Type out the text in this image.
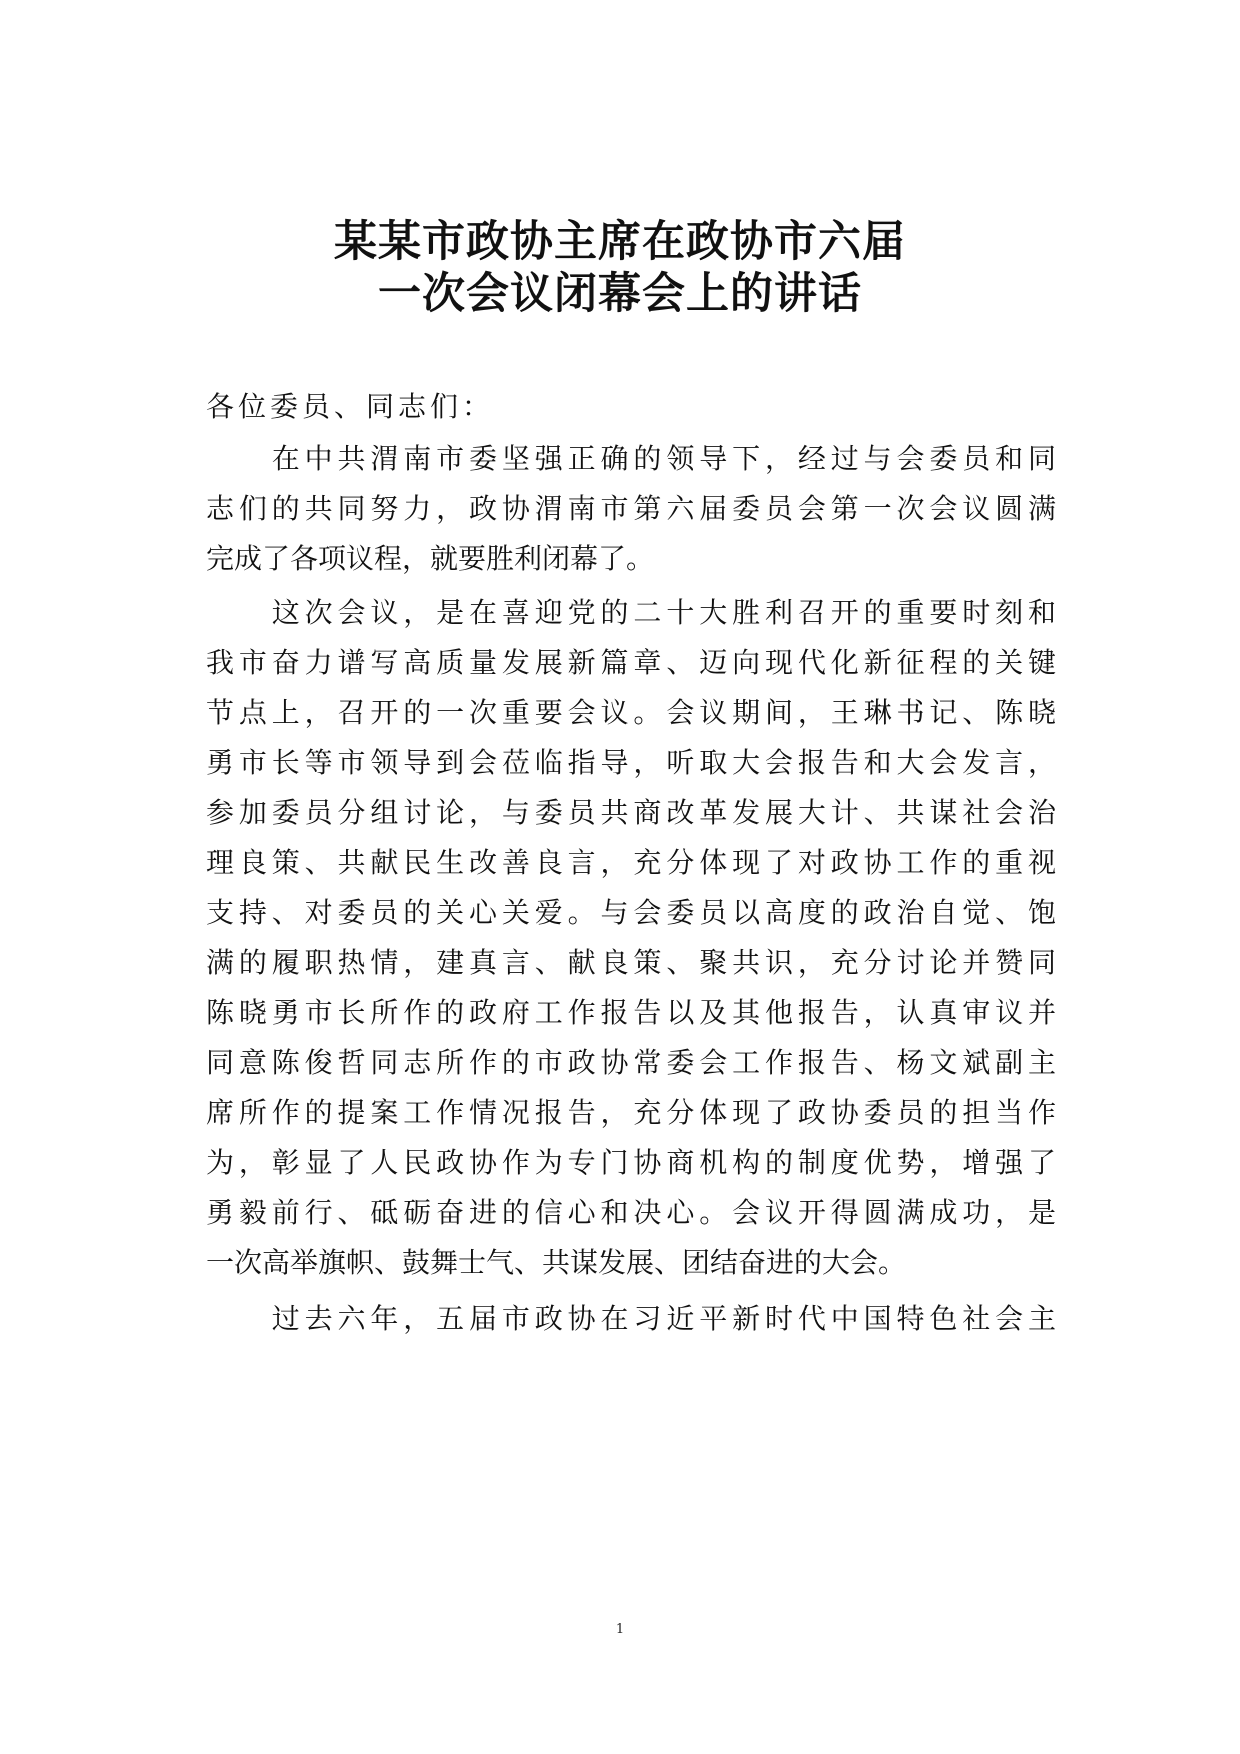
某某市政协主席在政协市六届
一次会议闭幕会上的讲话
各位委员、同志们：
　　在中共渭南市委坚强正确的领导下，经过与会委员和同
志们的共同努力，政协渭南市第六届委员会第一次会议圆满
完成了各项议程，就要胜利闭幕了。
　　这次会议，是在喜迎党的二十大胜利召开的重要时刻和
我市奋力谱写高质量发展新篇章、迈向现代化新征程的关键
节点上，召开的一次重要会议。会议期间，王琳书记、陈晓
勇市长等市领导到会莅临指导，听取大会报告和大会发言，
参加委员分组讨论，与委员共商改革发展大计、共谋社会治
理良策、共献民生改善良言，充分体现了对政协工作的重视
支持、对委员的关心关爱。与会委员以高度的政治自觉、饱
满的履职热情，建真言、献良策、聚共识，充分讨论并赞同
陈晓勇市长所作的政府工作报告以及其他报告，认真审议并
同意陈俊哲同志所作的市政协常委会工作报告、杨文斌副主
席所作的提案工作情况报告，充分体现了政协委员的担当作
为，彰显了人民政协作为专门协商机构的制度优势，增强了
勇毅前行、砥砺奋进的信心和决心。会议开得圆满成功，是
一次高举旗帜、鼓舞士气、共谋发展、团结奋进的大会。
　　过去六年，五届市政协在习近平新时代中国特色社会主
1
